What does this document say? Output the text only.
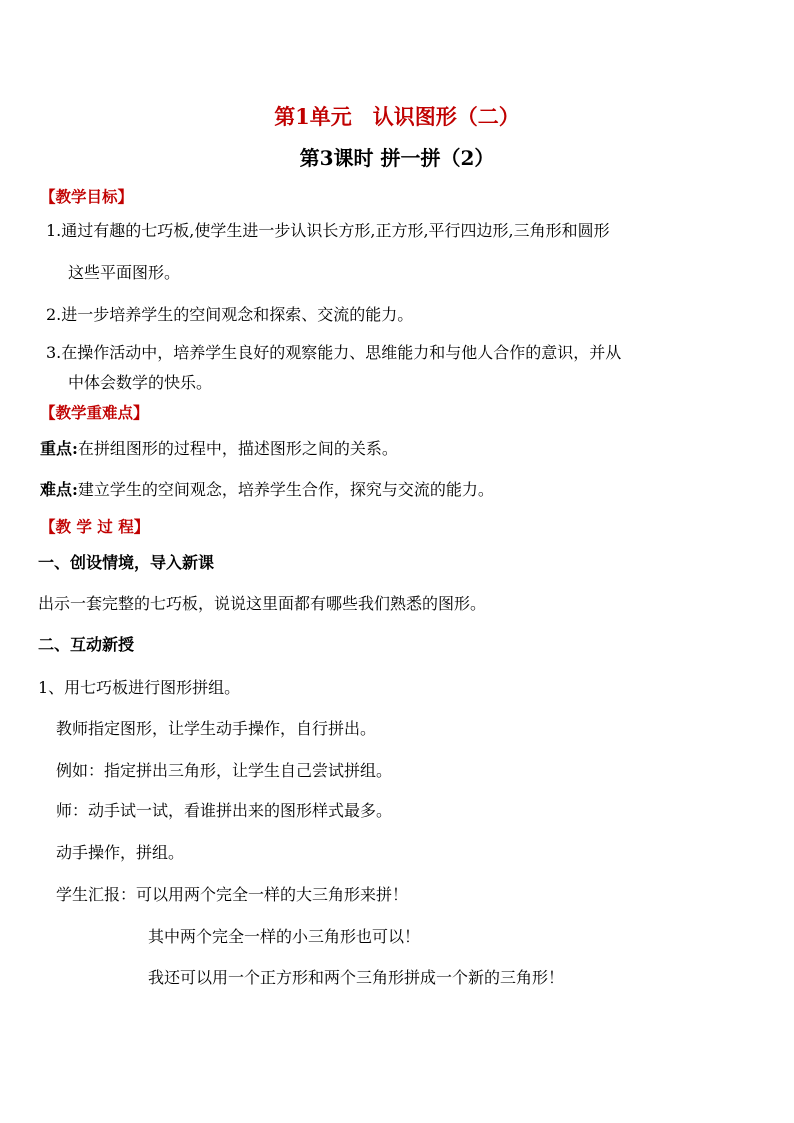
第1单元　认识图形（二）
第3课时 拼一拼（2）
【教学目标】
1.通过有趣的七巧板,使学生进一步认识长方形,正方形,平行四边形,三角形和圆形
这些平面图形。
2.进一步培养学生的空间观念和探索、交流的能力。
3.在操作活动中，培养学生良好的观察能力、思维能力和与他人合作的意识，并从
中体会数学的快乐。
【教学重难点】
重点:在拼组图形的过程中，描述图形之间的关系。
难点:建立学生的空间观念，培养学生合作，探究与交流的能力。
【教 学 过 程】
一、创设情境，导入新课
出示一套完整的七巧板，说说这里面都有哪些我们熟悉的图形。
二、互动新授
1、用七巧板进行图形拼组。
教师指定图形，让学生动手操作，自行拼出。
例如：指定拼出三角形，让学生自己尝试拼组。
师：动手试一试，看谁拼出来的图形样式最多。
动手操作，拼组。
学生汇报：可以用两个完全一样的大三角形来拼！
其中两个完全一样的小三角形也可以！
我还可以用一个正方形和两个三角形拼成一个新的三角形！
